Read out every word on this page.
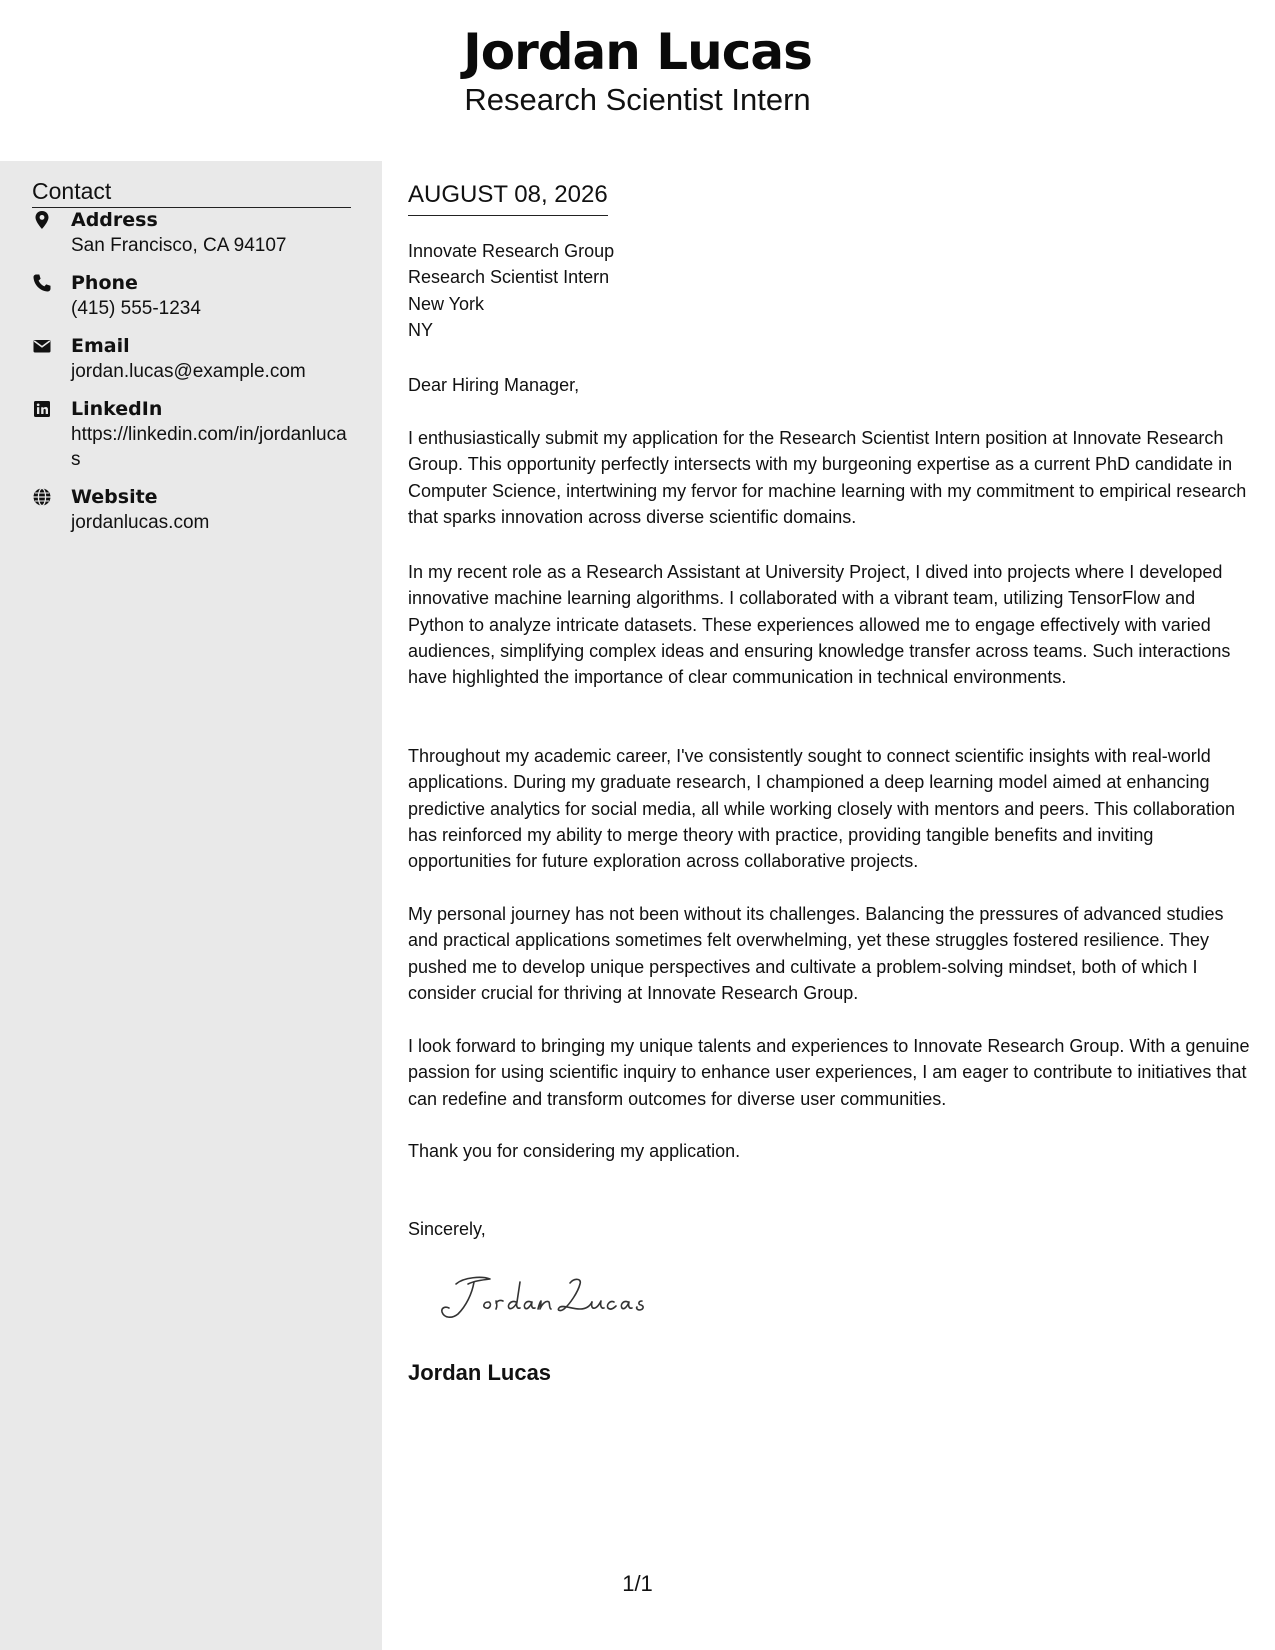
Jordan Lucas
Research Scientist Intern
Contact
Address
San Francisco, CA 94107
Phone
(415) 555-1234
Email
jordan.lucas@example.com
LinkedIn
https://linkedin.com/in/jordanlucas
Website
jordanlucas.com
AUGUST 08, 2026
Innovate Research Group
Research Scientist Intern
New York
NY
Dear Hiring Manager,
I enthusiastically submit my application for the Research Scientist Intern position at Innovate Research Group. This opportunity perfectly intersects with my burgeoning expertise as a current PhD candidate in Computer Science, intertwining my fervor for machine learning with my commitment to empirical research that sparks innovation across diverse scientific domains.
In my recent role as a Research Assistant at University Project, I dived into projects where I developed innovative machine learning algorithms. I collaborated with a vibrant team, utilizing TensorFlow and Python to analyze intricate datasets. These experiences allowed me to engage effectively with varied audiences, simplifying complex ideas and ensuring knowledge transfer across teams. Such interactions have highlighted the importance of clear communication in technical environments.
Throughout my academic career, I've consistently sought to connect scientific insights with real-world applications. During my graduate research, I championed a deep learning model aimed at enhancing predictive analytics for social media, all while working closely with mentors and peers. This collaboration has reinforced my ability to merge theory with practice, providing tangible benefits and inviting opportunities for future exploration across collaborative projects.
My personal journey has not been without its challenges. Balancing the pressures of advanced studies and practical applications sometimes felt overwhelming, yet these struggles fostered resilience. They pushed me to develop unique perspectives and cultivate a problem-solving mindset, both of which I consider crucial for thriving at Innovate Research Group.
I look forward to bringing my unique talents and experiences to Innovate Research Group. With a genuine passion for using scientific inquiry to enhance user experiences, I am eager to contribute to initiatives that can redefine and transform outcomes for diverse user communities.
Thank you for considering my application.
Sincerely,
Jordan Lucas
1/1
